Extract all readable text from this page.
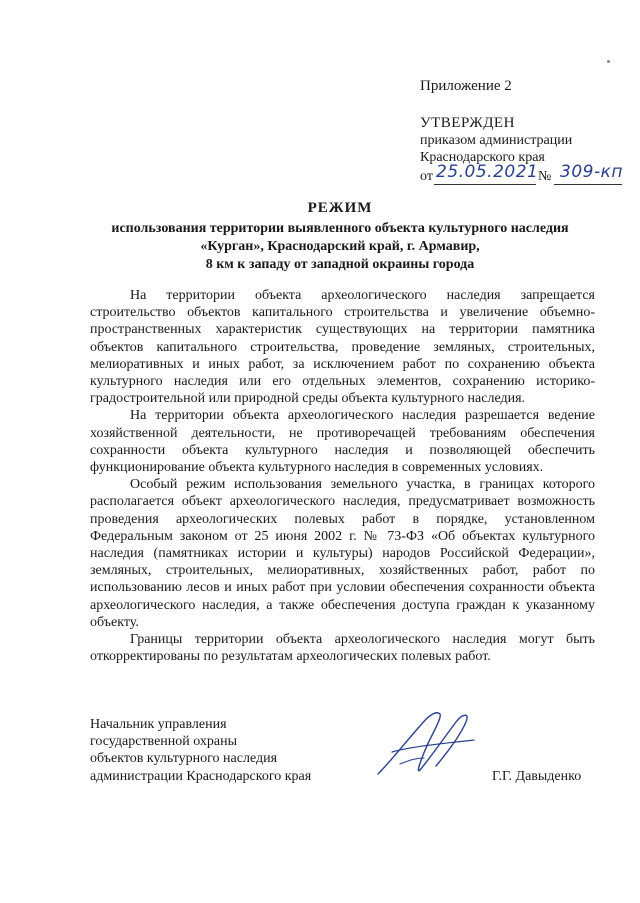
Приложение 2
УТВЕРЖДЕН
приказом администрации
Краснодарского края
от 25.05.2021 № 309-кп
РЕЖИМ
использования территории выявленного объекта культурного наследия
«Курган», Краснодарский край, г. Армавир,
8 км к западу от западной окраины города

На территории объекта археологического наследия запрещается строительство объектов капитального строительства и увеличение объемно-пространственных характеристик существующих на территории памятника объектов капитального строительства, проведение земляных, строительных, мелиоративных и иных работ, за исключением работ по сохранению объекта культурного наследия или его отдельных элементов, сохранению историко-градостроительной или природной среды объекта культурного наследия.

На территории объекта археологического наследия разрешается ведение хозяйственной деятельности, не противоречащей требованиям обеспечения сохранности объекта культурного наследия и позволяющей обеспечить функционирование объекта культурного наследия в современных условиях.

Особый режим использования земельного участка, в границах которого располагается объект археологического наследия, предусматривает возможность проведения археологических полевых работ в порядке, установленном Федеральным законом от 25 июня 2002 г. № 73-ФЗ «Об объектах культурного наследия (памятниках истории и культуры) народов Российской Федерации», земляных, строительных, мелиоративных, хозяйственных работ, работ по использованию лесов и иных работ при условии обеспечения сохранности объекта археологического наследия, а также обеспечения доступа граждан к указанному объекту.

Границы территории объекта археологического наследия могут быть откорректированы по результатам археологических полевых работ.

Начальник управления
государственной охраны
объектов культурного наследия
администрации Краснодарского края	Г.Г. Давыденко
